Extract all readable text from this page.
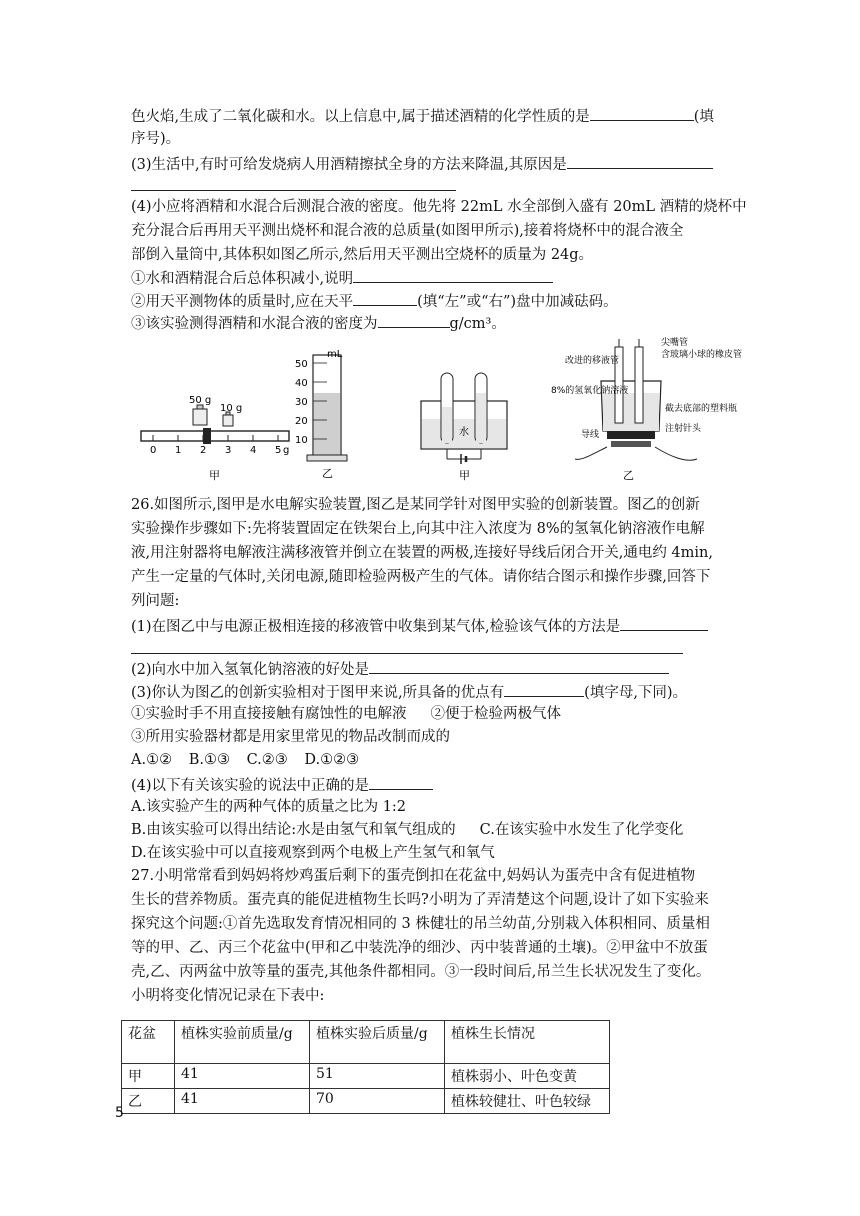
色火焰,生成了二氧化碳和水。以上信息中,属于描述酒精的化学性质的是	(填
序号)。
(3)生活中,有时可给发烧病人用酒精擦拭全身的方法来降温,其原因是
(4)小应将酒精和水混合后测混合液的密度。他先将 22mL 水全部倒入盛有 20mL 酒精的烧杯中
充分混合后再用天平测出烧杯和混合液的总质量(如图甲所示),接着将烧杯中的混合液全
部倒入量筒中,其体积如图乙所示,然后用天平测出空烧杯的质量为 24g。
①水和酒精混合后总体积减小,说明
②用天平测物体的质量时,应在天平	(填“左”或“右”)盘中加减砝码。
③该实验测得酒精和水混合液的密度为	g/cm³。
0 1 2 3 4 5 g
50 g
10 g
甲
mL
50
40
30
20
10
乙
水
甲
改进的移液管
8%的氢氧化钠溶液
尖嘴管
含玻璃小球的橡皮管
截去底部的塑料瓶
导线
注射针头
乙
26.如图所示,图甲是水电解实验装置,图乙是某同学针对图甲实验的创新装置。图乙的创新
实验操作步骤如下:先将装置固定在铁架台上,向其中注入浓度为 8%的氢氧化钠溶液作电解
液,用注射器将电解液注满移液管并倒立在装置的两极,连接好导线后闭合开关,通电约 4min,
产生一定量的气体时,关闭电源,随即检验两极产生的气体。请你结合图示和操作步骤,回答下
列问题:
(1)在图乙中与电源正极相连接的移液管中收集到某气体,检验该气体的方法是
(2)向水中加入氢氧化钠溶液的好处是
(3)你认为图乙的创新实验相对于图甲来说,所具备的优点有	(填字母,下同)。
①实验时手不用直接接触有腐蚀性的电解液 ②便于检验两极气体
③所用实验器材都是用家里常见的物品改制而成的
A.①② B.①③ C.②③ D.①②③
(4)以下有关该实验的说法中正确的是
A.该实验产生的两种气体的质量之比为 1:2
B.由该实验可以得出结论:水是由氢气和氧气组成的 C.在该实验中水发生了化学变化
D.在该实验中可以直接观察到两个电极上产生氢气和氧气
27.小明常常看到妈妈将炒鸡蛋后剩下的蛋壳倒扣在花盆中,妈妈认为蛋壳中含有促进植物
生长的营养物质。蛋壳真的能促进植物生长吗?小明为了弄清楚这个问题,设计了如下实验来
探究这个问题:①首先选取发育情况相同的 3 株健壮的吊兰幼苗,分别栽入体积相同、质量相
等的甲、乙、丙三个花盆中(甲和乙中装洗净的细沙、丙中装普通的土壤)。②甲盆中不放蛋
壳,乙、丙两盆中放等量的蛋壳,其他条件都相同。③一段时间后,吊兰生长状况发生了变化。
小明将变化情况记录在下表中:
花盆	植株实验前质量/g	植株实验后质量/g	植株生长情况
甲	41	51	植株弱小、叶色变黄
乙	41	70	植株较健壮、叶色较绿
5
